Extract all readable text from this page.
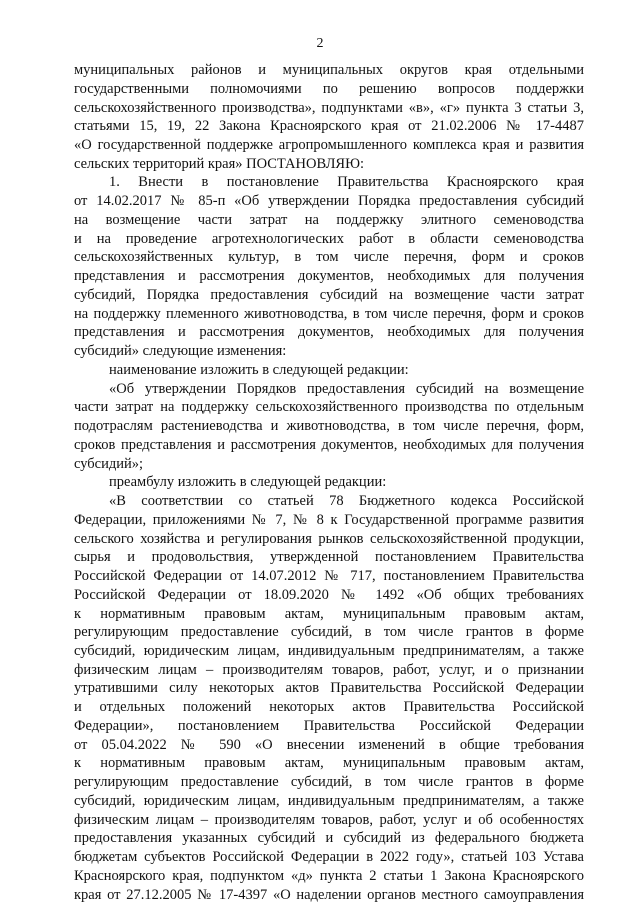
2
муниципальных районов и муниципальных округов края отдельными
государственными полномочиями по решению вопросов поддержки
сельскохозяйственного производства», подпунктами «в», «г» пункта 3 статьи 3,
статьями 15, 19, 22 Закона Красноярского края от 21.02.2006 № 17-4487
«О государственной поддержке агропромышленного комплекса края и развития
сельских территорий края» ПОСТАНОВЛЯЮ:
1. Внести в постановление Правительства Красноярского края
от 14.02.2017 № 85-п «Об утверждении Порядка предоставления субсидий
на возмещение части затрат на поддержку элитного семеноводства
и на проведение агротехнологических работ в области семеноводства
сельскохозяйственных культур, в том числе перечня, форм и сроков
представления и рассмотрения документов, необходимых для получения
субсидий, Порядка предоставления субсидий на возмещение части затрат
на поддержку племенного животноводства, в том числе перечня, форм и сроков
представления и рассмотрения документов, необходимых для получения
субсидий» следующие изменения:
наименование изложить в следующей редакции:
«Об утверждении Порядков предоставления субсидий на возмещение
части затрат на поддержку сельскохозяйственного производства по отдельным
подотраслям растениеводства и животноводства, в том числе перечня, форм,
сроков представления и рассмотрения документов, необходимых для получения
субсидий»;
преамбулу изложить в следующей редакции:
«В соответствии со статьей 78 Бюджетного кодекса Российской
Федерации, приложениями № 7, № 8 к Государственной программе развития
сельского хозяйства и регулирования рынков сельскохозяйственной продукции,
сырья и продовольствия, утвержденной постановлением Правительства
Российской Федерации от 14.07.2012 № 717, постановлением Правительства
Российской Федерации от 18.09.2020 № 1492 «Об общих требованиях
к нормативным правовым актам, муниципальным правовым актам,
регулирующим предоставление субсидий, в том числе грантов в форме
субсидий, юридическим лицам, индивидуальным предпринимателям, а также
физическим лицам – производителям товаров, работ, услуг, и о признании
утратившими силу некоторых актов Правительства Российской Федерации
и отдельных положений некоторых актов Правительства Российской
Федерации», постановлением Правительства Российской Федерации
от 05.04.2022 № 590 «О внесении изменений в общие требования
к нормативным правовым актам, муниципальным правовым актам,
регулирующим предоставление субсидий, в том числе грантов в форме
субсидий, юридическим лицам, индивидуальным предпринимателям, а также
физическим лицам – производителям товаров, работ, услуг и об особенностях
предоставления указанных субсидий и субсидий из федерального бюджета
бюджетам субъектов Российской Федерации в 2022 году», статьей 103 Устава
Красноярского края, подпунктом «д» пункта 2 статьи 1 Закона Красноярского
края от 27.12.2005 № 17-4397 «О наделении органов местного самоуправления
